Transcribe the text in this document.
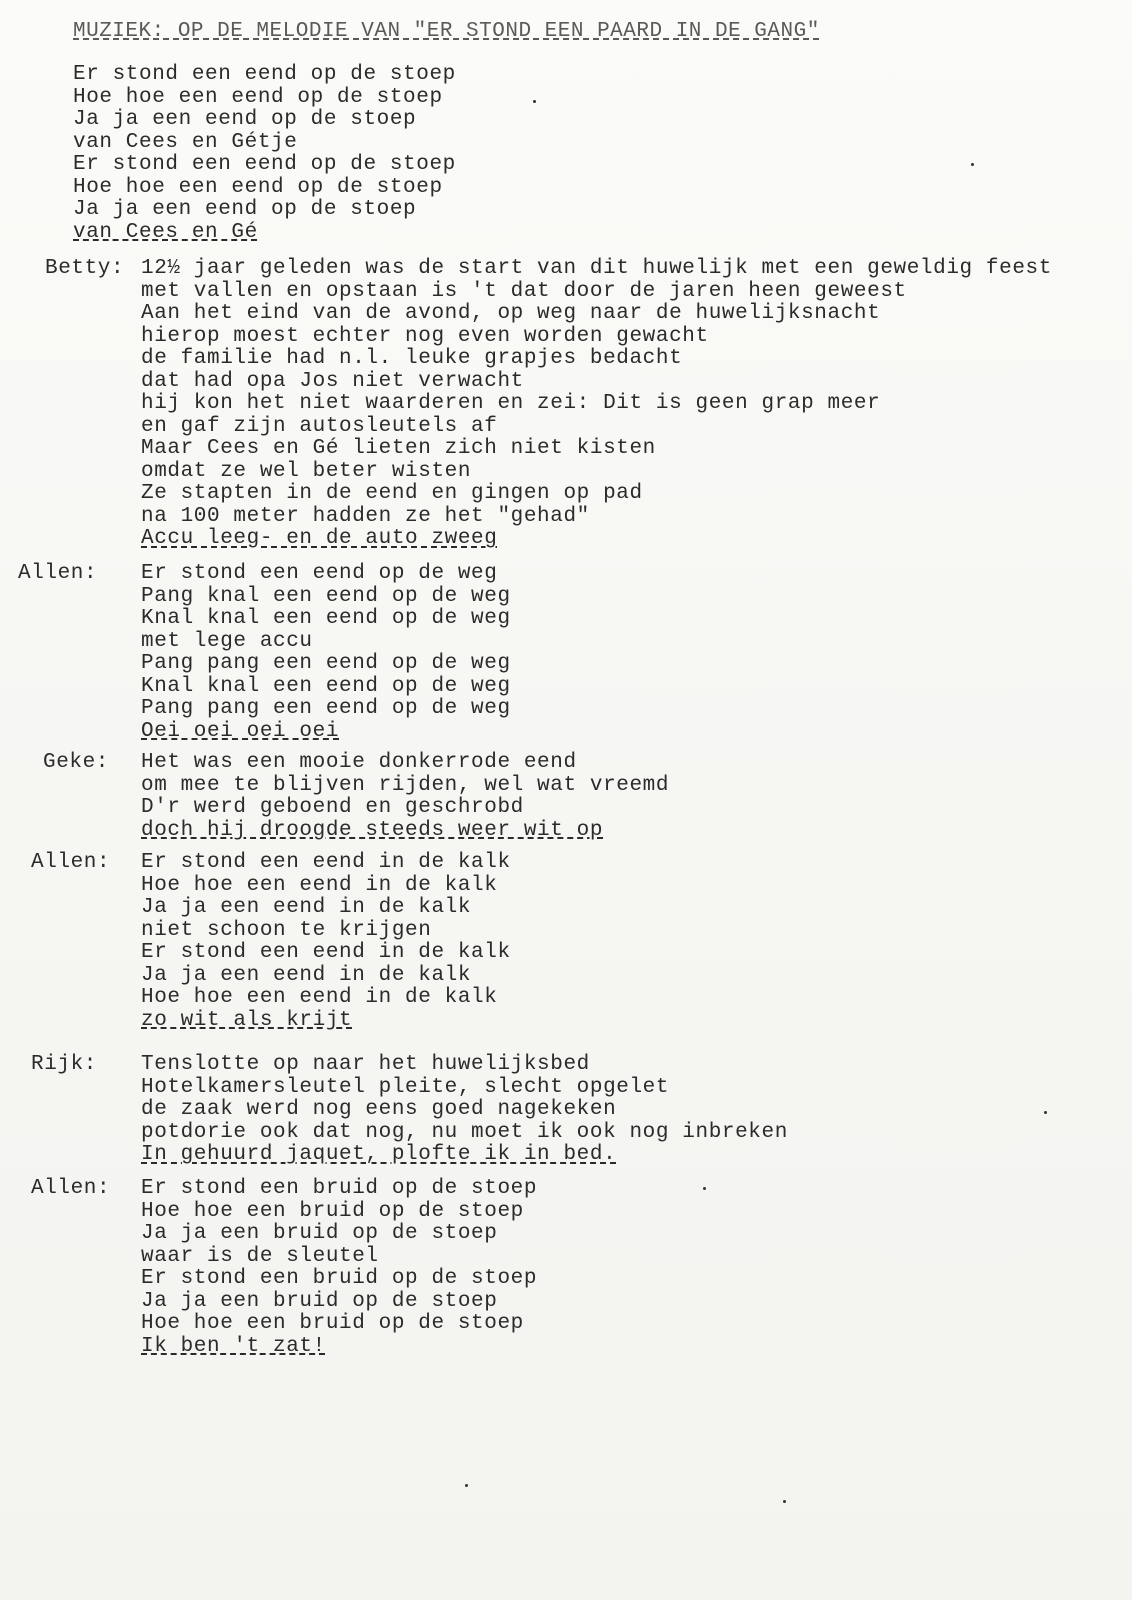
MUZIEK: OP DE MELODIE VAN "ER STOND EEN PAARD IN DE GANG"
Er stond een eend op de stoep
Hoe hoe een eend op de stoep
Ja ja een eend op de stoep
van Cees en Gétje
Er stond een eend op de stoep
Hoe hoe een eend op de stoep
Ja ja een eend op de stoep
van Cees en Gé
Betty: 12½ jaar geleden was de start van dit huwelijk met een geweldig feest
met vallen en opstaan is 't dat door de jaren heen geweest
Aan het eind van de avond, op weg naar de huwelijksnacht
hierop moest echter nog even worden gewacht
de familie had n.l. leuke grapjes bedacht
dat had opa Jos niet verwacht
hij kon het niet waarderen en zei: Dit is geen grap meer
en gaf zijn autosleutels af
Maar Cees en Gé lieten zich niet kisten
omdat ze wel beter wisten
Ze stapten in de eend en gingen op pad
na 100 meter hadden ze het "gehad"
Accu leeg- en de auto zweeg
Allen: Er stond een eend op de weg
Pang knal een eend op de weg
Knal knal een eend op de weg
met lege accu
Pang pang een eend op de weg
Knal knal een eend op de weg
Pang pang een eend op de weg
Oei oei oei oei
Geke: Het was een mooie donkerrode eend
om mee te blijven rijden, wel wat vreemd
D'r werd geboend en geschrobd
doch hij droogde steeds weer wit op
Allen: Er stond een eend in de kalk
Hoe hoe een eend in de kalk
Ja ja een eend in de kalk
niet schoon te krijgen
Er stond een eend in de kalk
Ja ja een eend in de kalk
Hoe hoe een eend in de kalk
zo wit als krijt
Rijk: Tenslotte op naar het huwelijksbed
Hotelkamersleutel pleite, slecht opgelet
de zaak werd nog eens goed nagekeken
potdorie ook dat nog, nu moet ik ook nog inbreken
In gehuurd jaquet, plofte ik in bed.
Allen: Er stond een bruid op de stoep
Hoe hoe een bruid op de stoep
Ja ja een bruid op de stoep
waar is de sleutel
Er stond een bruid op de stoep
Ja ja een bruid op de stoep
Hoe hoe een bruid op de stoep
Ik ben 't zat!
